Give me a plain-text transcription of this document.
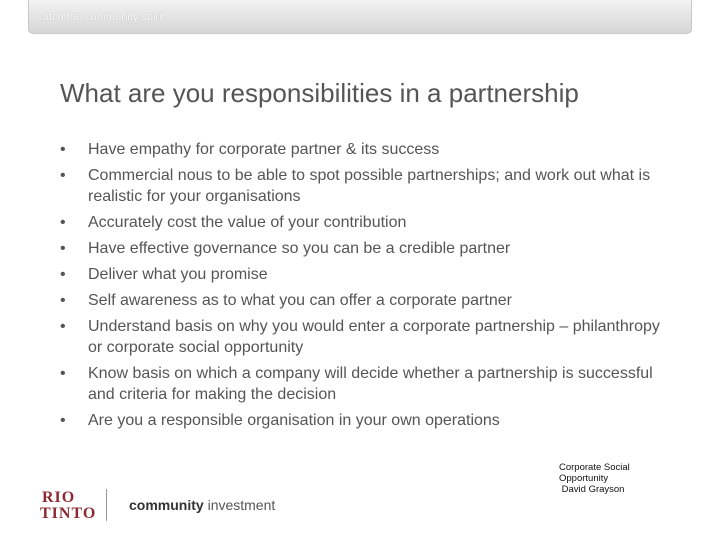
Catch the community spirit
What are you responsibilities in a partnership
• Have empathy for corporate partner & its success
• Commercial nous to be able to spot possible partnerships; and work out what is realistic for your organisations
• Accurately cost the value of your contribution
• Have effective governance so you can be a credible partner
• Deliver what you promise
• Self awareness as to what you can offer a corporate partner
• Understand basis on why you would enter a corporate partnership – philanthropy or corporate social opportunity
• Know basis on which a company will decide whether a partnership is successful and criteria for making the decision
• Are you a responsible organisation in your own operations
Corporate Social
Opportunity
David Grayson
RIO
TINTO community investment
